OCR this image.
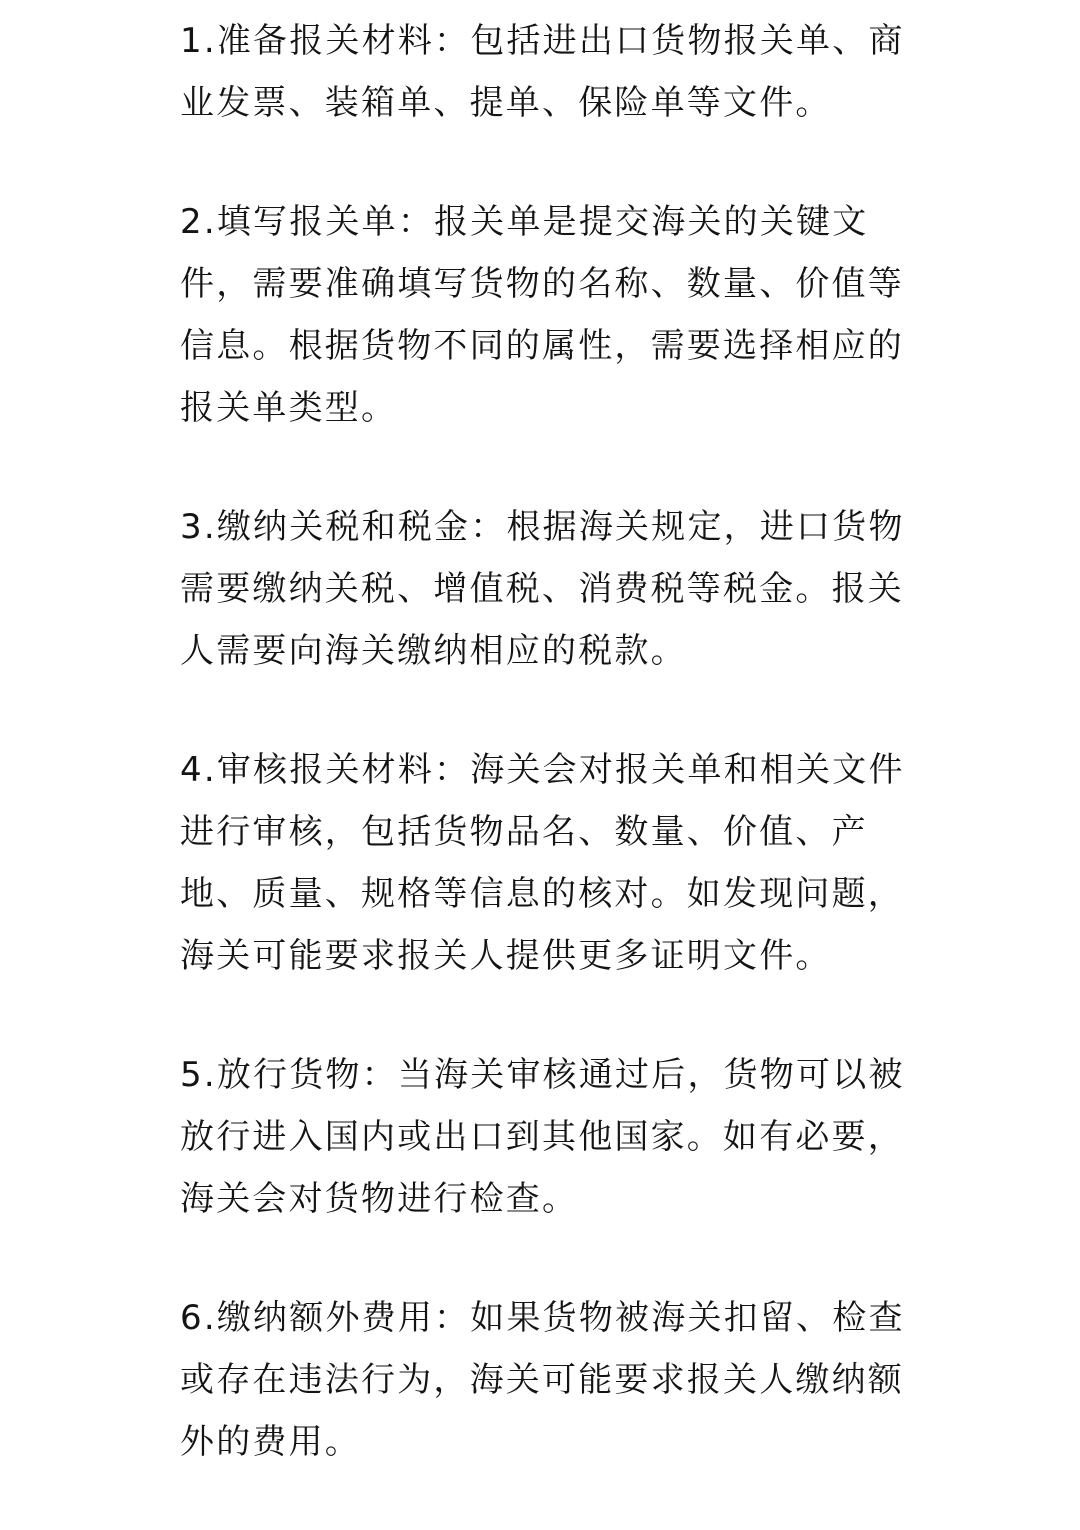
1.准备报关材料：包括进出口货物报关单、商业发票、装箱单、提单、保险单等文件。

2.填写报关单：报关单是提交海关的关键文件，需要准确填写货物的名称、数量、价值等信息。根据货物不同的属性，需要选择相应的报关单类型。

3.缴纳关税和税金：根据海关规定，进口货物需要缴纳关税、增值税、消费税等税金。报关人需要向海关缴纳相应的税款。

4.审核报关材料：海关会对报关单和相关文件进行审核，包括货物品名、数量、价值、产地、质量、规格等信息的核对。如发现问题，海关可能要求报关人提供更多证明文件。

5.放行货物：当海关审核通过后，货物可以被放行进入国内或出口到其他国家。如有必要，海关会对货物进行检查。

6.缴纳额外费用：如果货物被海关扣留、检查或存在违法行为，海关可能要求报关人缴纳额外的费用。
